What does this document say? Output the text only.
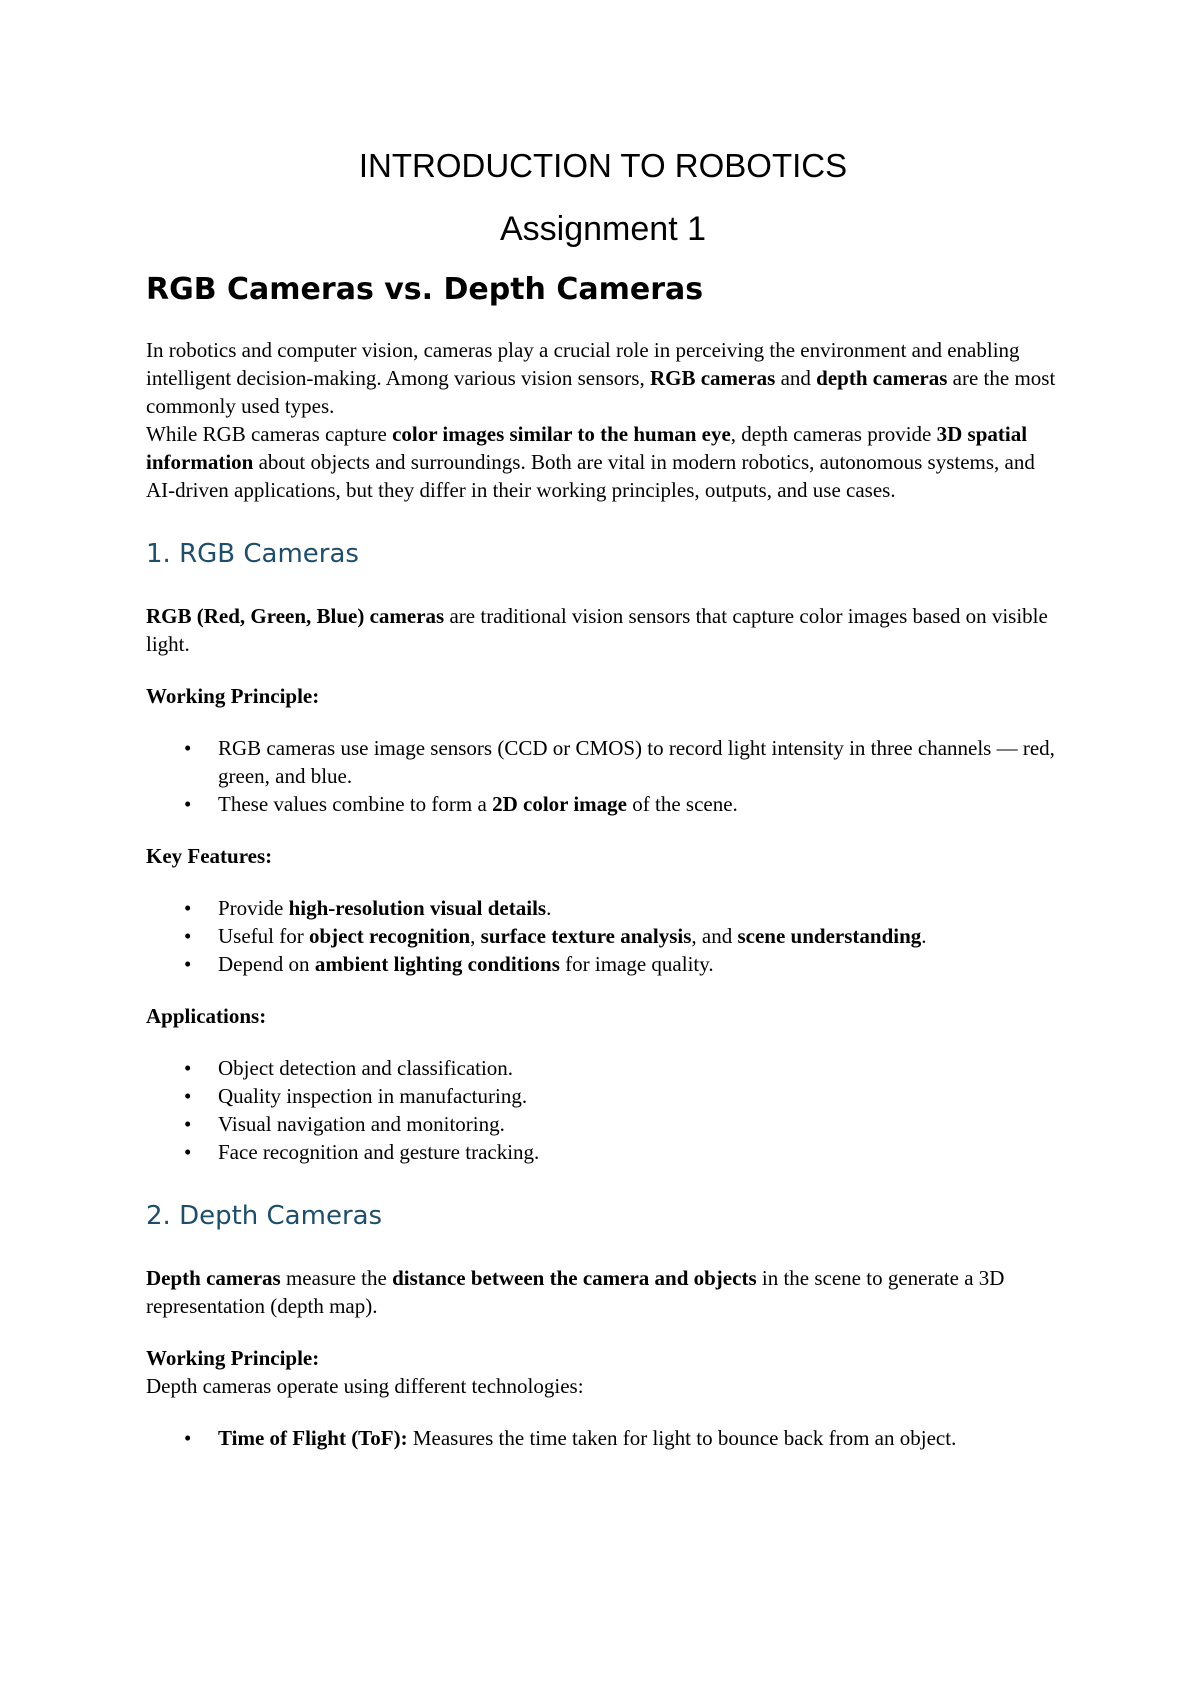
INTRODUCTION TO ROBOTICS
Assignment 1
RGB Cameras vs. Depth Cameras

In robotics and computer vision, cameras play a crucial role in perceiving the environment and enabling intelligent decision-making. Among various vision sensors, RGB cameras and depth cameras are the most commonly used types.

While RGB cameras capture color images similar to the human eye, depth cameras provide 3D spatial information about objects and surroundings. Both are vital in modern robotics, autonomous systems, and AI-driven applications, but they differ in their working principles, outputs, and use cases.

1. RGB Cameras

RGB (Red, Green, Blue) cameras are traditional vision sensors that capture color images based on visible light.

Working Principle:

• RGB cameras use image sensors (CCD or CMOS) to record light intensity in three channels — red, green, and blue.
• These values combine to form a 2D color image of the scene.

Key Features:

• Provide high-resolution visual details.
• Useful for object recognition, surface texture analysis, and scene understanding.
• Depend on ambient lighting conditions for image quality.

Applications:

• Object detection and classification.
• Quality inspection in manufacturing.
• Visual navigation and monitoring.
• Face recognition and gesture tracking.
2. Depth Cameras

Depth cameras measure the distance between the camera and objects in the scene to generate a 3D representation (depth map).

Working Principle:

Depth cameras operate using different technologies:

• Time of Flight (ToF): Measures the time taken for light to bounce back from an object.
